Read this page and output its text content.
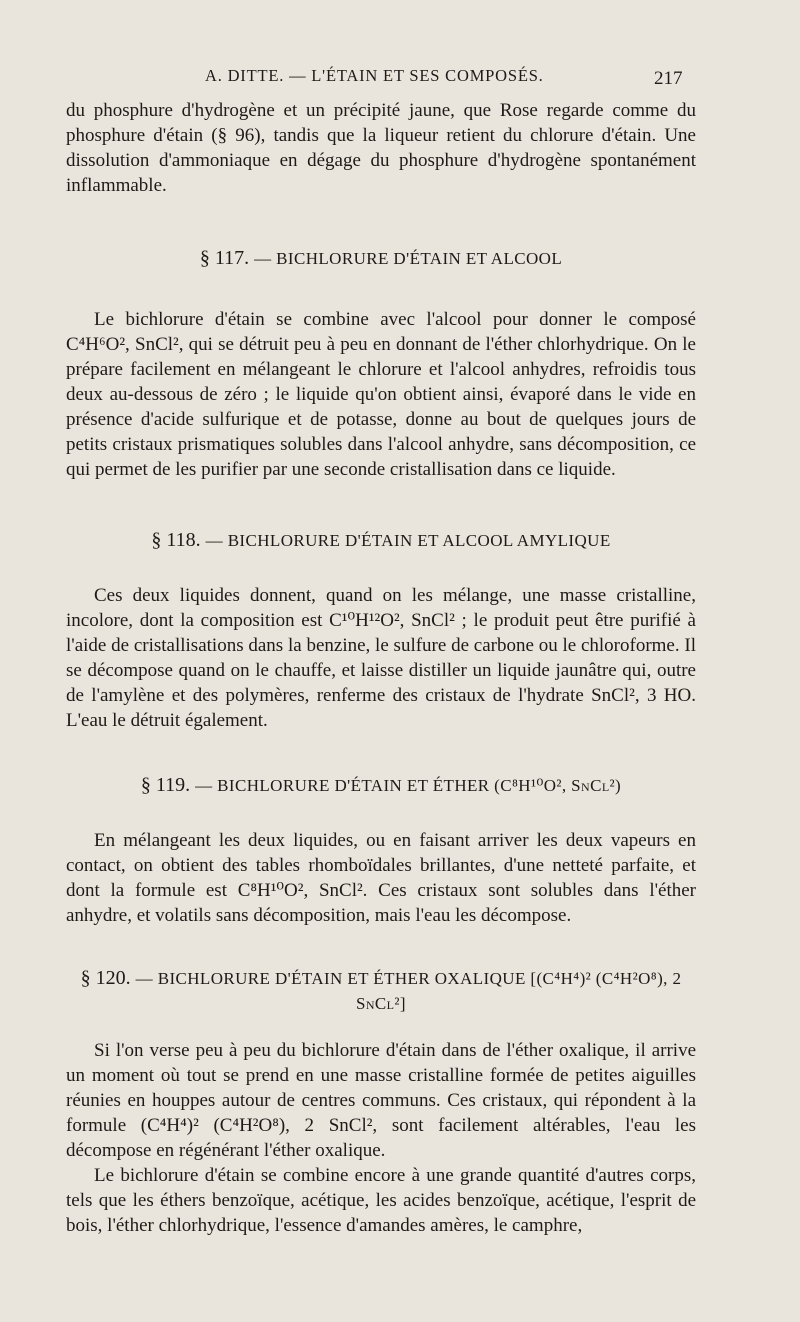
A. DITTE. — L'ÉTAIN ET SES COMPOSÉS.	217

du phosphure d'hydrogène et un précipité jaune, que Rose regarde comme du phosphure d'étain (§ 96), tandis que la liqueur retient du chlorure d'étain. Une dissolution d'ammoniaque en dégage du phosphure d'hydrogène spontanément inflammable.

§ 117. — BICHLORURE D'ÉTAIN ET ALCOOL

Le bichlorure d'étain se combine avec l'alcool pour donner le composé C⁴H⁶O², SnCl², qui se détruit peu à peu en donnant de l'éther chlorhydrique. On le prépare facilement en mélangeant le chlorure et l'alcool anhydres, refroidis tous deux au-dessous de zéro ; le liquide qu'on obtient ainsi, évaporé dans le vide en présence d'acide sulfurique et de potasse, donne au bout de quelques jours de petits cristaux prismatiques solubles dans l'alcool anhydre, sans décomposition, ce qui permet de les purifier par une seconde cristallisation dans ce liquide.

§ 118. — BICHLORURE D'ÉTAIN ET ALCOOL AMYLIQUE

Ces deux liquides donnent, quand on les mélange, une masse cristalline, incolore, dont la composition est C¹⁰H¹²O², SnCl² ; le produit peut être purifié à l'aide de cristallisations dans la benzine, le sulfure de carbone ou le chloroforme. Il se décompose quand on le chauffe, et laisse distiller un liquide jaunâtre qui, outre de l'amylène et des polymères, renferme des cristaux de l'hydrate SnCl², 3 HO. L'eau le détruit également.

§ 119. — BICHLORURE D'ÉTAIN ET ÉTHER (C⁸H¹⁰O², SnCl²)

En mélangeant les deux liquides, ou en faisant arriver les deux vapeurs en contact, on obtient des tables rhomboïdales brillantes, d'une netteté parfaite, et dont la formule est C⁸H¹⁰O², SnCl². Ces cristaux sont solubles dans l'éther anhydre, et volatils sans décomposition, mais l'eau les décompose.

§ 120. — BICHLORURE D'ÉTAIN ET ÉTHER OXALIQUE [(C⁴H⁴)² (C⁴H²O⁸), 2 SnCl²]

Si l'on verse peu à peu du bichlorure d'étain dans de l'éther oxalique, il arrive un moment où tout se prend en une masse cristalline formée de petites aiguilles réunies en houppes autour de centres communs. Ces cristaux, qui répondent à la formule (C⁴H⁴)² (C⁴H²O⁸), 2 SnCl², sont facilement altérables, l'eau les décompose en régénérant l'éther oxalique.

Le bichlorure d'étain se combine encore à une grande quantité d'autres corps, tels que les éthers benzoïque, acétique, les acides benzoïque, acétique, l'esprit de bois, l'éther chlorhydrique, l'essence d'amandes amères, le camphre,
